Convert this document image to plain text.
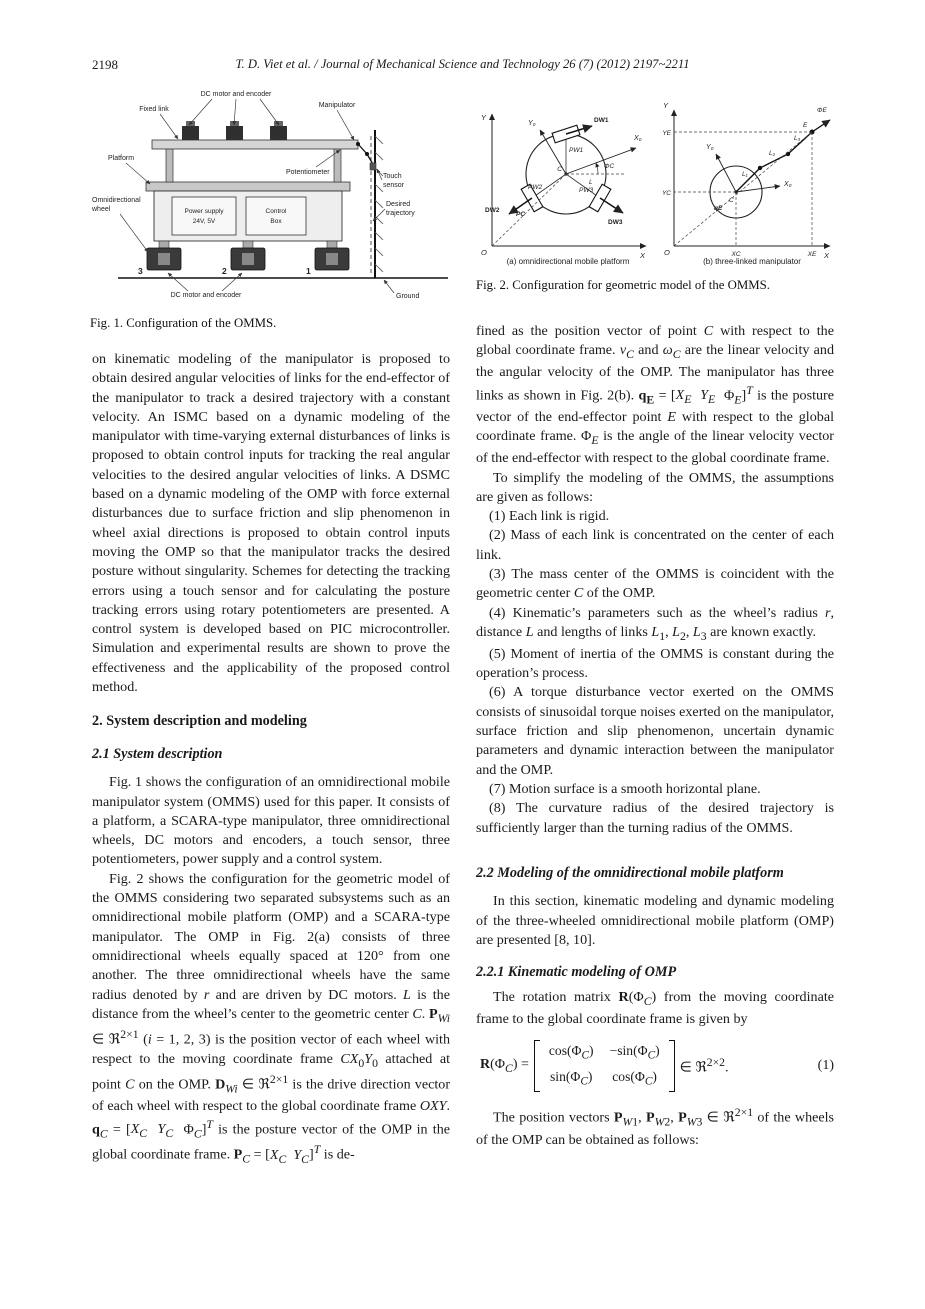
2198	T. D. Viet et al. / Journal of Mechanical Science and Technology 26 (7) (2012) 2197~2211
Power supply
24V, 5V
Control
Box
3	2	1
DC motor and encoder
Fixed link
Manipulator
Platform
Potentiometer
Touch
sensor
Desired
trajectory
Omnidirectional
wheel
DC motor and encoder	Ground
Fig. 1. Configuration of the OMMS.
X
Y
O
C
DW1
DW2
DW3
PW1
PW2	PW3
L
X₀
Y₀
ΦC
PC
(a) omnidirectional mobile platform
X
Y
O
C
X₀
Y₀
E
L₁
L₂
L₃
YE
YC
XC	XE
qE
ΦE
(b) three-linked manipulator
Fig. 2. Configuration for geometric model of the OMMS.

on kinematic modeling of the manipulator is proposed to obtain desired angular velocities of links for the end-effector of the manipulator to track a desired trajectory with a constant velocity. An ISMC based on a dynamic modeling of the manipulator with time-varying external disturbances of links is proposed to obtain control inputs for tracking the real angular velocities to the desired angular velocities of links. A DSMC based on a dynamic modeling of the OMP with force external disturbances due to surface friction and slip phenomenon in wheel axial directions is proposed to obtain control inputs moving the OMP so that the manipulator tracks the desired posture without singularity. Schemes for detecting the tracking errors using a touch sensor and for calculating the posture tracking errors using rotary potentiometers are presented. A control system is developed based on PIC microcontroller. Simulation and experimental results are shown to prove the effectiveness and the applicability of the proposed control method.

2. System description and modeling
2.1 System description

Fig. 1 shows the configuration of an omnidirectional mobile manipulator system (OMMS) used for this paper. It consists of a platform, a SCARA-type manipulator, three omnidirectional wheels, DC motors and encoders, a touch sensor, three potentiometers, power supply and a control system.

Fig. 2 shows the configuration for the geometric model of the OMMS considering two separated subsystems such as an omnidirectional mobile platform (OMP) and a SCARA-type manipulator. The OMP in Fig. 2(a) consists of three omnidirectional wheels equally spaced at 120° from one another. The three omnidirectional wheels have the same radius denoted by r and are driven by DC motors. L is the distance from the wheel’s center to the geometric center C. $P_{Wi}$ ∈ ℜ$^{2\times 1}$ (i = 1, 2, 3) is the position vector of each wheel with respect to the moving coordinate frame $CX_0Y_0$ attached at point C on the OMP. $D_{Wi}$ ∈ ℜ$^{2\times 1}$ is the drive direction vector of each wheel with respect to the global coordinate frame OXY. $q_C = [X_C$ $Y_C$  $\Phi_C]^T$ is the posture vector of the OMP in the global coordinate frame. $P_C = [X_C$ $Y_C]^T$ is de-

fined as the position vector of point C with respect to the global coordinate frame. $v_C$ and $\omega_C$ are the linear velocity and the angular velocity of the OMP. The manipulator has three links as shown in Fig. 2(b). $q_E = [X_E$ $Y_E$  $\Phi_E]^T$ is the posture vector of the end-effector point E with respect to the global coordinate frame. $\Phi_E$ is the angle of the linear velocity vector of the end-effector with respect to the global coordinate frame.

To simplify the modeling of the OMMS, the assumptions are given as follows:

(1) Each link is rigid.

(2) Mass of each link is concentrated on the center of each link.

(3) The mass center of the OMMS is coincident with the geometric center C of the OMP.

(4) Kinematic’s parameters such as the wheel’s radius r, distance L and lengths of links $L_1$, $L_2$, $L_3$ are known exactly.

(5) Moment of inertia of the OMMS is constant during the operation’s process.

(6) A torque disturbance vector exerted on the OMMS consists of sinusoidal torque noises exerted on the manipulator, surface friction and slip phenomenon, uncertain dynamic parameters and dynamic interaction between the manipulator and the OMP.

(7) Motion surface is a smooth horizontal plane.

(8) The curvature radius of the desired trajectory is sufficiently larger than the turning radius of the OMMS.

2.2 Modeling of the omnidirectional mobile platform

In this section, kinematic modeling and dynamic modeling of the three-wheeled omnidirectional mobile platform (OMP) are presented [8, 10].

2.2.1 Kinematic modeling of OMP

The rotation matrix $R(\Phi_C)$ from the moving coordinate frame to the global coordinate frame is given by

$R(\Phi_C)$ =
$\cos(\Phi_C)$	$-\sin(\Phi_C)$
$\sin(\Phi_C)$	$\cos(\Phi_C)$
∈ ℜ$^{2\times 2}$.	(1)

The position vectors $P_{W1}$, $P_{W2}$, $P_{W3}$ ∈ ℜ$^{2\times 1}$ of the wheels of the OMP can be obtained as follows:
